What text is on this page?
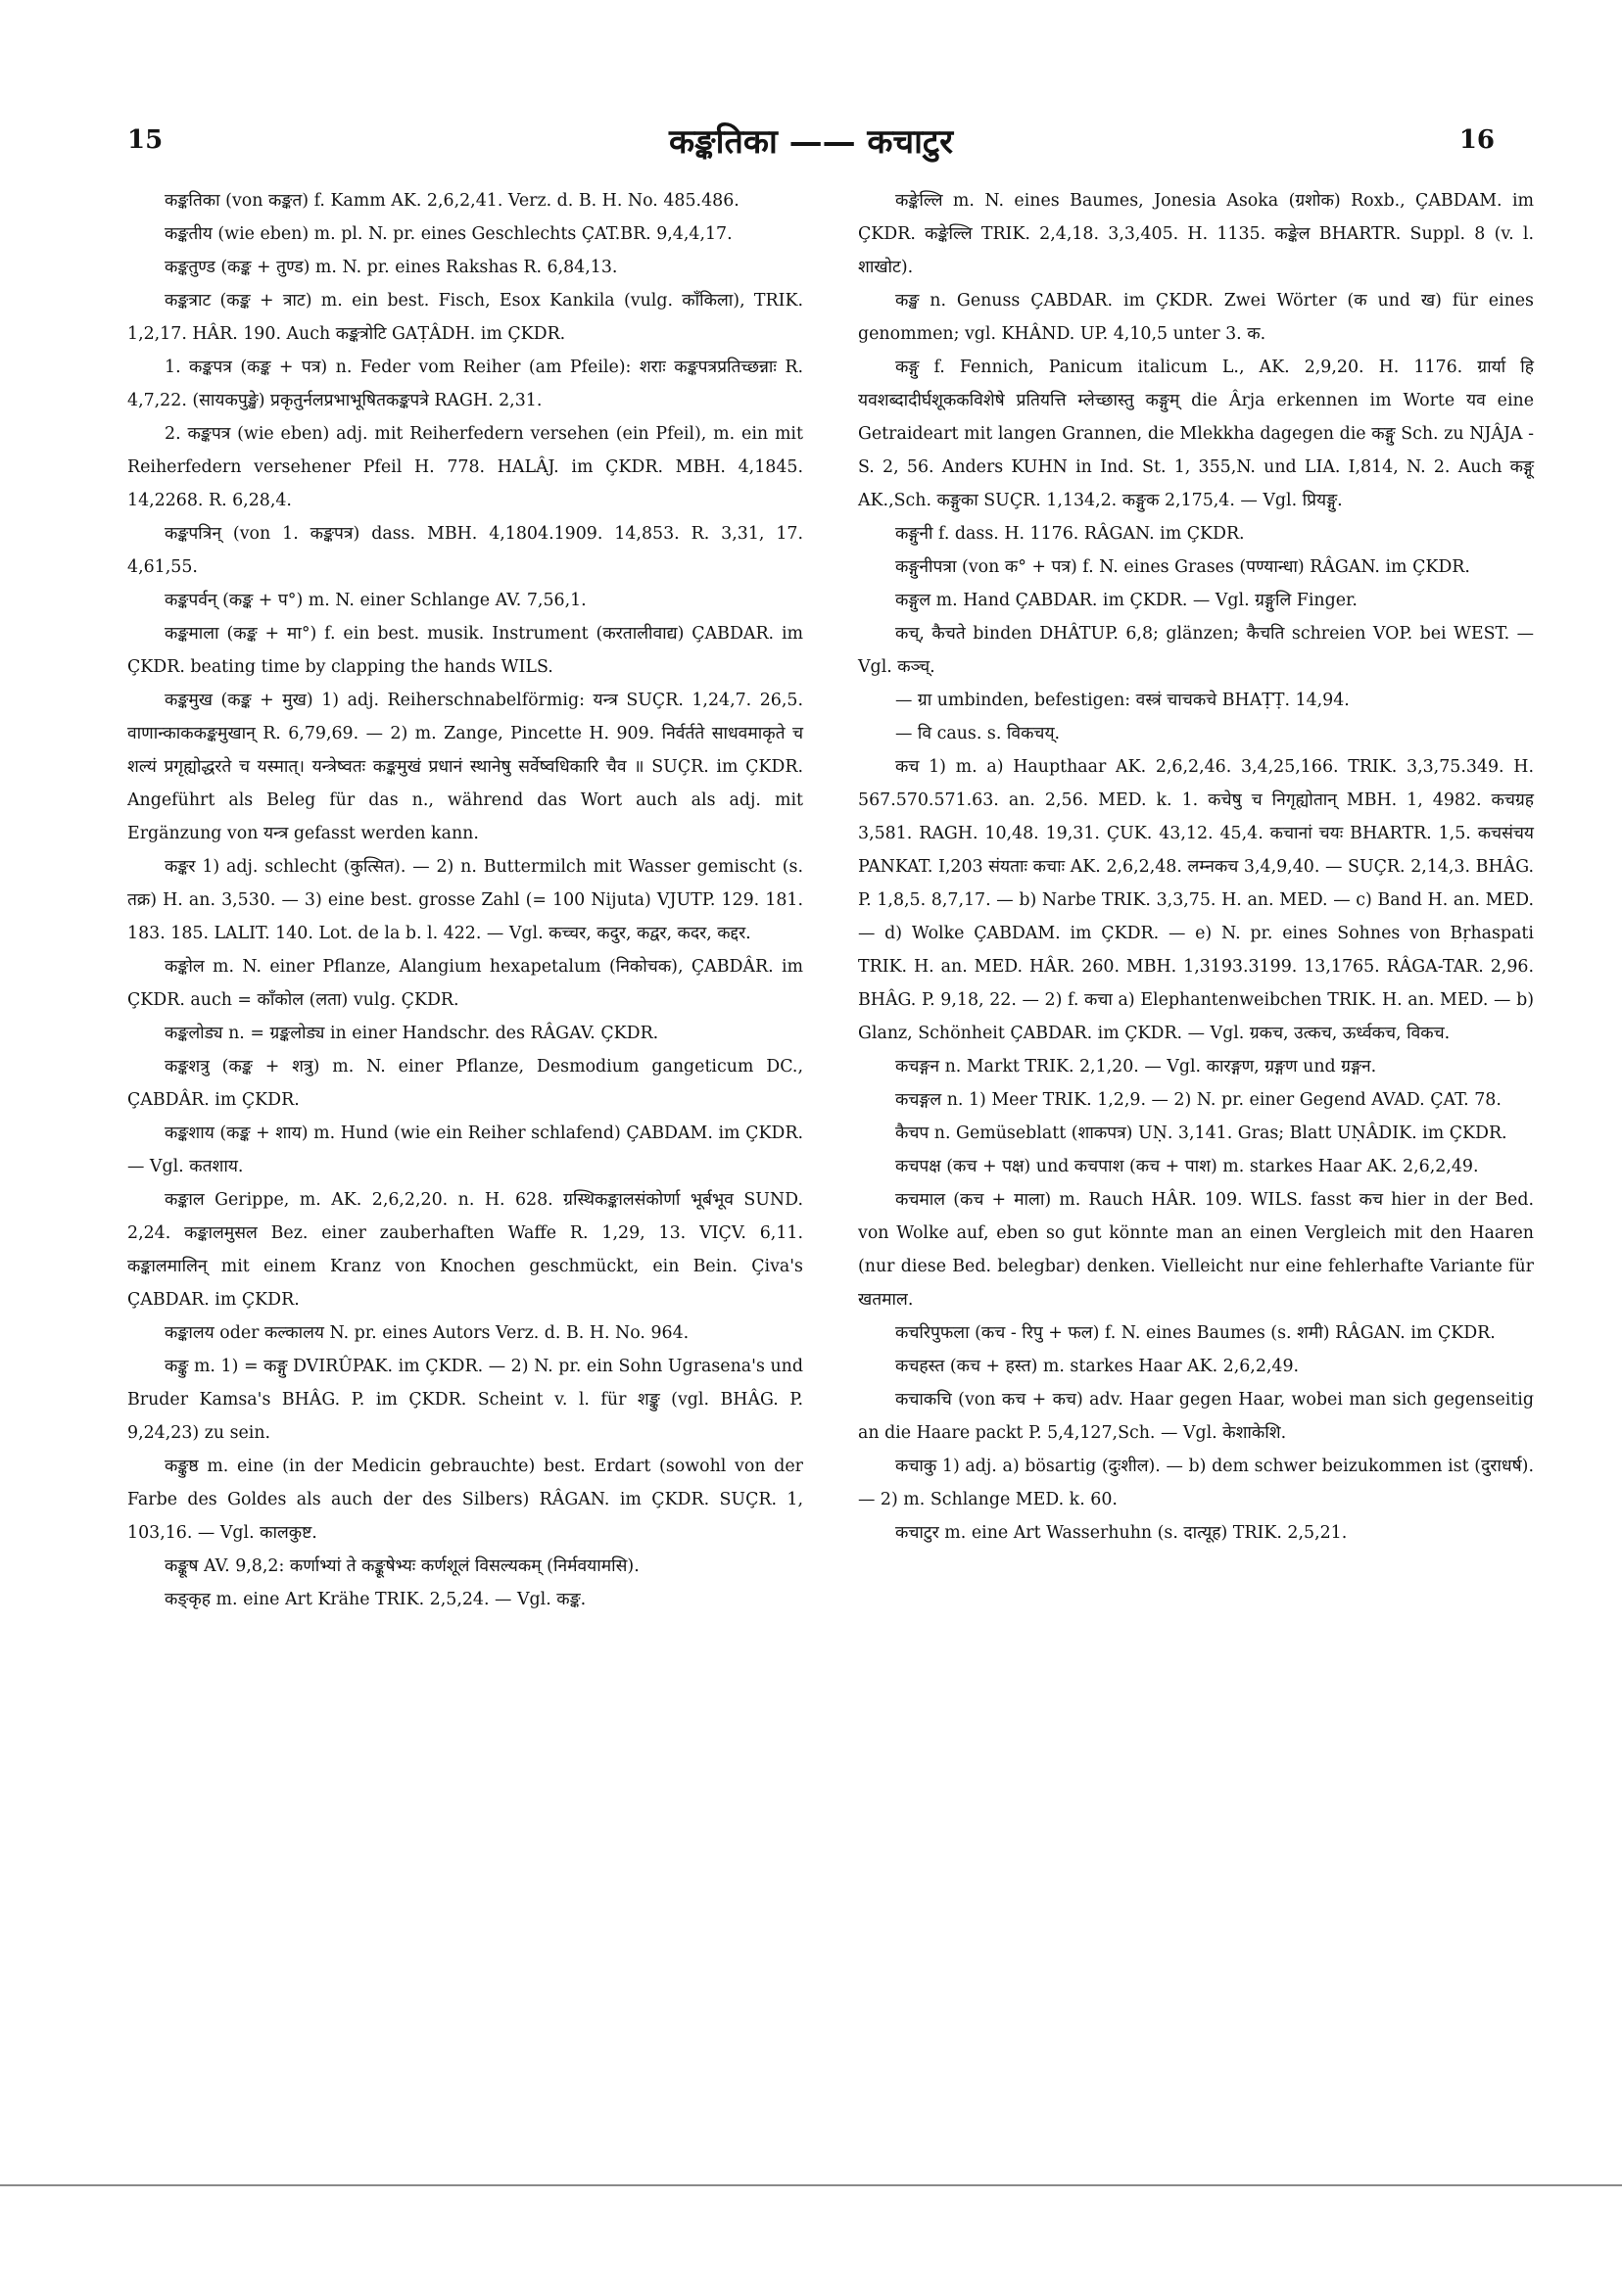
15	कङ्कतिका —— कचाटुर	16

कङ्कतिका (von कङ्कत) f. Kamm AK. 2,6,2,41. Verz. d. B. H. No. 485.486.

कङ्कतीय (wie eben) m. pl. N. pr. eines Geschlechts ÇAT.BR. 9,4,4,17.

कङ्कतुण्ड (कङ्क + तुण्ड) m. N. pr. eines Rakshas R. 6,84,13.

कङ्कत्राट (कङ्क + त्राट) m. ein best. Fisch, Esox Kankila (vulg. काँकिला), TRIK. 1,2,17. HÂR. 190. Auch कङ्कत्रोटि GAṬÂDH. im ÇKDR.

1. कङ्कपत्र (कङ्क + पत्र) n. Feder vom Reiher (am Pfeile): शराः कङ्कपत्रप्रतिच्छन्नाः R. 4,7,22. (सायकपुङ्खे) प्रकृतुर्नलप्रभाभूषितकङ्कपत्रे RAGH. 2,31.

2. कङ्कपत्र (wie eben) adj. mit Reiherfedern versehen (ein Pfeil), m. ein mit Reiherfedern versehener Pfeil H. 778. HALÂJ. im ÇKDR. MBH. 4,1845. 14,2268. R. 6,28,4.

कङ्कपत्रिन् (von 1. कङ्कपत्र) dass. MBH. 4,1804.1909. 14,853. R. 3,31, 17. 4,61,55.

कङ्कपर्वन् (कङ्क + प°) m. N. einer Schlange AV. 7,56,1.

कङ्कमाला (कङ्क + मा°) f. ein best. musik. Instrument (करतालीवाद्य) ÇABDAR. im ÇKDR. beating time by clapping the hands WILS.

कङ्कमुख (कङ्क + मुख) 1) adj. Reiherschnabelförmig: यन्त्र SUÇR. 1,24,7. 26,5. वाणान्काककङ्कमुखान् R. 6,79,69. — 2) m. Zange, Pincette H. 909. निर्वर्तते साधवमाकृते च शल्यं प्रगृह्योद्धरते च यस्मात्। यन्त्रेष्वतः कङ्कमुखं प्रधानं स्थानेषु सर्वेष्वधिकारि चैव ॥ SUÇR. im ÇKDR. Angeführt als Beleg für das n., während das Wort auch als adj. mit Ergänzung von यन्त्र gefasst werden kann.

कङ्कर 1) adj. schlecht (कुत्सित). — 2) n. Buttermilch mit Wasser gemischt (s. तक्र) H. an. 3,530. — 3) eine best. grosse Zahl (= 100 Nijuta) VJUTP. 129. 181. 183. 185. LALIT. 140. Lot. de la b. l. 422. — Vgl. कच्चर, कदुर, कद्वर, कदर, कद्दर.

कङ्कोल m. N. einer Pflanze, Alangium hexapetalum (निकोचक), ÇABDÂR. im ÇKDR. auch = काँकोल (लता) vulg. ÇKDR.

कङ्कलोड्य n. = ग्रङ्कलोड्य in einer Handschr. des RÂGAV. ÇKDR.

कङ्कशत्रु (कङ्क + शत्रु) m. N. einer Pflanze, Desmodium gangeticum DC., ÇABDÂR. im ÇKDR.

कङ्कशाय (कङ्क + शाय) m. Hund (wie ein Reiher schlafend) ÇABDAM. im ÇKDR. — Vgl. कतशाय.

कङ्काल Gerippe, m. AK. 2,6,2,20. n. H. 628. ग्रस्थिकङ्कालसंकोर्णा भूर्बभूव SUND. 2,24. कङ्कालमुसल Bez. einer zauberhaften Waffe R. 1,29, 13. VIÇV. 6,11. कङ्कालमालिन् mit einem Kranz von Knochen geschmückt, ein Bein. Çiva's ÇABDAR. im ÇKDR.

कङ्कालय oder कल्कालय N. pr. eines Autors Verz. d. B. H. No. 964.

कङ्कु m. 1) = कङ्गु DVIRÛPAK. im ÇKDR. — 2) N. pr. ein Sohn Ugrasena's und Bruder Kamsa's BHÂG. P. im ÇKDR. Scheint v. l. für शङ्कु (vgl. BHÂG. P. 9,24,23) zu sein.

कङ्कुष्ठ m. eine (in der Medicin gebrauchte) best. Erdart (sowohl von der Farbe des Goldes als auch der des Silbers) RÂGAN. im ÇKDR. SUÇR. 1, 103,16. — Vgl. कालकुष्ट.

कङ्कूष AV. 9,8,2: कर्णाभ्यां ते कङ्कूषेभ्यः कर्णशूलं विसल्यकम् (निर्मवयामसि).

कङ्कृह m. eine Art Krähe TRIK. 2,5,24. — Vgl. कङ्क.

कङ्केल्लि m. N. eines Baumes, Jonesia Asoka (ग्रशोक) Roxb., ÇABDAM. im ÇKDR. कङ्केल्लि TRIK. 2,4,18. 3,3,405. H. 1135. कङ्केल BHARTR. Suppl. 8 (v. l. शाखोट).

कङ्ख n. Genuss ÇABDAR. im ÇKDR. Zwei Wörter (क und ख) für eines genommen; vgl. KHÂND. UP. 4,10,5 unter 3. क.

कङ्गु f. Fennich, Panicum italicum L., AK. 2,9,20. H. 1176. ग्रार्या हि यवशब्दादीर्घशूककविशेषे प्रतियत्ति म्लेच्छास्तु कङ्गुम् die Ârja erkennen im Worte यव eine Getraideart mit langen Grannen, die Mlekkha dagegen die कङ्गु Sch. zu NJÂJA - S. 2, 56. Anders KUHN in Ind. St. 1, 355,N. und LIA. I,814, N. 2. Auch कङ्गू AK.,Sch. कङ्गुका SUÇR. 1,134,2. कङ्गुक 2,175,4. — Vgl. प्रियङ्गु.

कङ्गुनी f. dass. H. 1176. RÂGAN. im ÇKDR.

कङ्गुनीपत्रा (von क° + पत्र) f. N. eines Grases (पण्यान्धा) RÂGAN. im ÇKDR.

कङ्गुल m. Hand ÇABDAR. im ÇKDR. — Vgl. ग्रङ्गुलि Finger.

कच्, कैचते binden DHÂTUP. 6,8; glänzen; कैचति schreien VOP. bei WEST. — Vgl. कञ्च्.

— ग्रा umbinden, befestigen: वस्त्रं चाचकचे BHAṬṬ. 14,94.

— वि caus. s. विकचय्.

कच 1) m. a) Haupthaar AK. 2,6,2,46. 3,4,25,166. TRIK. 3,3,75.349. H. 567.570.571.63. an. 2,56. MED. k. 1. कचेषु च निगृह्योतान् MBH. 1, 4982. कचग्रह 3,581. RAGH. 10,48. 19,31. ÇUK. 43,12. 45,4. कचानां चयः BHARTR. 1,5. कचसंचय PANKAT. I,203 संयताः कचाः AK. 2,6,2,48. लम्नकच 3,4,9,40. — SUÇR. 2,14,3. BHÂG. P. 1,8,5. 8,7,17. — b) Narbe TRIK. 3,3,75. H. an. MED. — c) Band H. an. MED. — d) Wolke ÇABDAM. im ÇKDR. — e) N. pr. eines Sohnes von Bṛhaspati TRIK. H. an. MED. HÂR. 260. MBH. 1,3193.3199. 13,1765. RÂGA-TAR. 2,96. BHÂG. P. 9,18, 22. — 2) f. कचा a) Elephantenweibchen TRIK. H. an. MED. — b) Glanz, Schönheit ÇABDAR. im ÇKDR. — Vgl. ग्रकच, उत्कच, ऊर्ध्वकच, विकच.

कचङ्गन n. Markt TRIK. 2,1,20. — Vgl. कारङ्गण, ग्रङ्गण und ग्रङ्गन.

कचङ्गल n. 1) Meer TRIK. 1,2,9. — 2) N. pr. einer Gegend AVAD. ÇAT. 78.

कैचप n. Gemüseblatt (शाकपत्र) UṆ. 3,141. Gras; Blatt UṆÂDIK. im ÇKDR.

कचपक्ष (कच + पक्ष) und कचपाश (कच + पाश) m. starkes Haar AK. 2,6,2,49.

कचमाल (कच + माला) m. Rauch HÂR. 109. WILS. fasst कच hier in der Bed. von Wolke auf, eben so gut könnte man an einen Vergleich mit den Haaren (nur diese Bed. belegbar) denken. Vielleicht nur eine fehlerhafte Variante für खतमाल.

कचरिपुफला (कच - रिपु + फल) f. N. eines Baumes (s. शमी) RÂGAN. im ÇKDR.

कचहस्त (कच + हस्त) m. starkes Haar AK. 2,6,2,49.

कचाकचि (von कच + कच) adv. Haar gegen Haar, wobei man sich gegenseitig an die Haare packt P. 5,4,127,Sch. — Vgl. केशाकेशि.

कचाकु 1) adj. a) bösartig (दुःशील). — b) dem schwer beizukommen ist (दुराधर्ष). — 2) m. Schlange MED. k. 60.

कचाटुर m. eine Art Wasserhuhn (s. दात्यूह) TRIK. 2,5,21.
